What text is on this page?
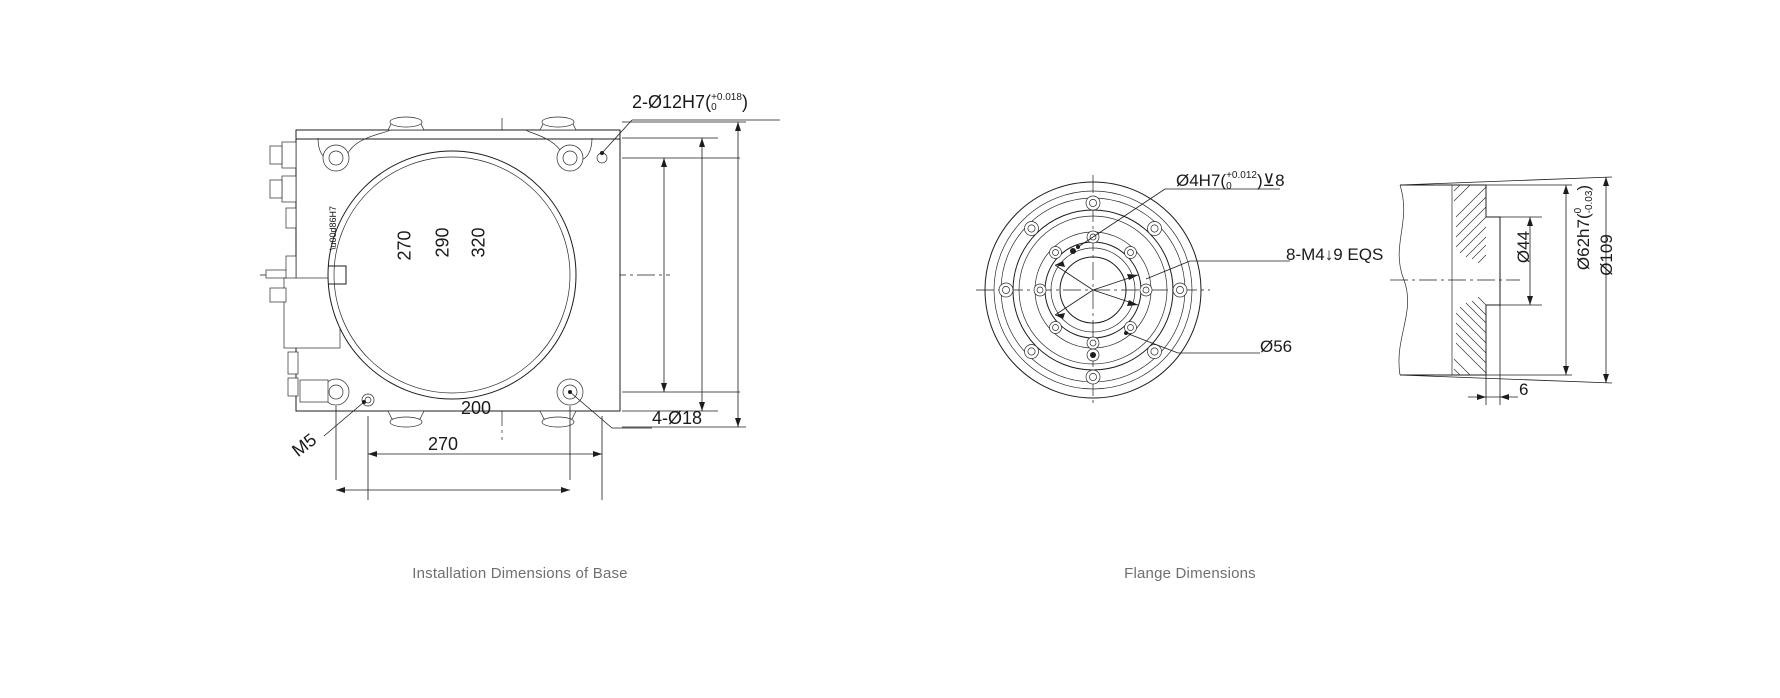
\u00d86H7	270	290 320
200
270
2-Ø12H7( +0.018
0	)
4-Ø18
M5
Installation Dimensions of Base
Ø4H7( +0.012
0	)⊻8
8-M4↓9 EQS
Ø56
Ø44	Ø62h7(
0 -0.03
)
Ø109
6
Flange Dimensions
